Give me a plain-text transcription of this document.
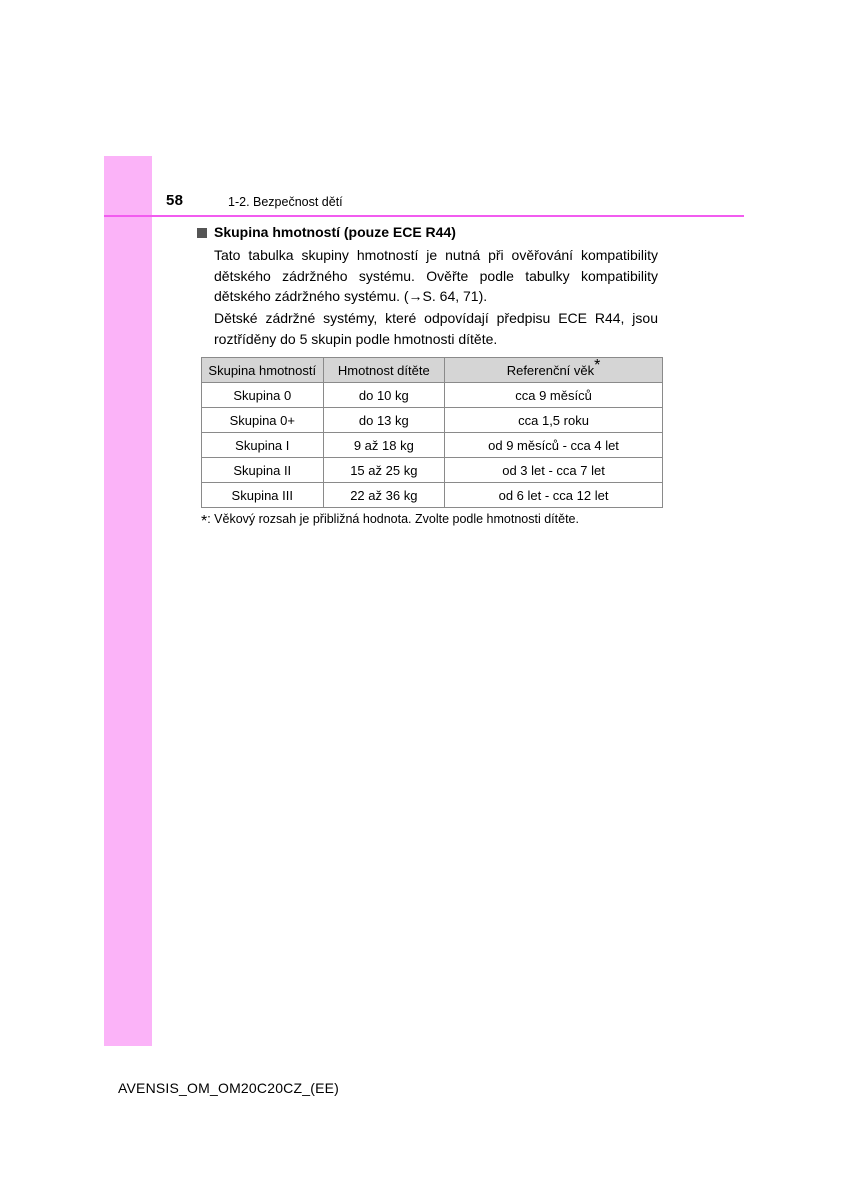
58	1-2. Bezpečnost dětí
Skupina hmotností (pouze ECE R44)
Tato tabulka skupiny hmotností je nutná při ověřování kompatibility dětského zádržného systému. Ověřte podle tabulky kompatibility dětského zádržného systému. (→S. 64, 71).
Dětské zádržné systémy, které odpovídají předpisu ECE R44, jsou roztříděny do 5 skupin podle hmotnosti dítěte.
Skupina hmotností	Hmotnost dítěte	Referenční věk*
Skupina 0	do 10 kg	cca 9 měsíců
Skupina 0+	do 13 kg	cca 1,5 roku
Skupina I	9 až 18 kg	od 9 měsíců - cca 4 let
Skupina II	15 až 25 kg	od 3 let - cca 7 let
Skupina III	22 až 36 kg	od 6 let - cca 12 let
*: Věkový rozsah je přibližná hodnota. Zvolte podle hmotnosti dítěte.
AVENSIS_OM_OM20C20CZ_(EE)
